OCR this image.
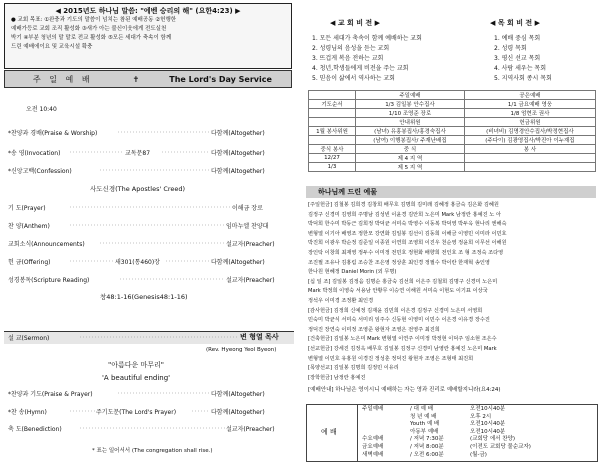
◀ 2015년도 하나님 말씀: "에벤 승리의 해" (요한4:23) ▶
● 교회 목표: ①완충과 기도의 말씀이 넘치는 참된 예배공동 ②헌행한
예배가등로 교회 조직 활성화 ③새가 아는 불신이웃에게 전도실천
박기 ④부분 청년의 말 말로 전교 활성화 ⑤모든 세대가 축속이 함께
드린 예배에이요 및 교육시설 확충
주 일 예 배	✝	The Lord's Day Service
오전 10:40
*찬양과 경배(Praise & Worship)	다함께(Altogether)
*송 영(Invocation)	교독문87	다함께(Altogether)
*신앙고백(Confession)	다함께(Altogether)
사도신경(The Apostles' Creed)
기 도(Prayer)	이해금 장로
찬 양(Anthem)	임마누엘 찬양대
교회소식(Announcements)	설교자(Preacher)
헌 금(Offering)	새301(통460)장	다함께(Altogether)
성경봉독(Scripture Reading)	설교자(Preacher)
창48:1-16(Genesis48:1-16)
설 교(Sermon)	변 형열 목사
(Rev. Hyeong Yeol Byeon)
"아름다운 마무리"
'A beautiful ending'
*찬양과 기도(Praise & Prayer)	다함께(Altogether)
*찬 송(Hymn)	주기도문(The Lord's Prayer)	다함께(Altogether)
축 도(Benediction)	설교자(Preacher)
* 표는 일어서서 (The congregation shall rise.)
◀ 교 회 비 전 ▶
1. 모든 세대가 축속이 함께 예배하는 교회
2. 성령님의 음성을 듣는 교회
3. 뜨겁게 복음 전하는 교회
4. 청년,학생들에게 비전을 주는 교회
5. 믿음이 삶에서 역사하는 교회
◀ 목 회 비 전 ▶
1. 예배 중심 목회
2. 성령 목회
3. 평신 선교 목회
4. 사람 세우는 목회
5. 지역사회 종시 목회
	주일예배	공은예배
기도순서	1/3 김일봉 안수집사	1/1 금요예배 영웅
	1/10 조영준 장로	1/8 엄현조 권사
	안내위원	헌금위원
1월 봉사위원	(남녀) 유홍봉집사/홍경숙집사	(비녀비) 김명경안수집사/박정현집사
	(남여) 이행봉집사/ 주재난배집	(주다이) 김광영집사/박진아 이누재집
중식 봉사	중 식	봉 사
12/27	제 4 지 역	
1/3	제 5 지 역	
하나님께 드린 예물
[주일헌금] 김철봉 김희경 김창희 배무호 김명희 김미래 김혜정 홍금숙 김은화 김혜원
김정구 신경미 김영희 주명남 김성빈 이윤경 김안희 노은미 Mark 남정란 홍예진 노 아
박덕희 한수미 박동근 김희정 박덕균 서미숙 박영수 이동복 박덕영 박두옥 현나리 엔해숙
변형열 이기아 배영조 정한모 강연화 김일봉 김선이 김동희 이해금 이영민 이미라 이민호
박진희 이광우 박순정 김준일 이종원 이연희 조영희 이진우 천순영 정윤희 이무선 이해원
장인탁 이창희 최재영 정두수 이미정 전민호 정현화 배향희 전인호 조 형 조정숙 조다영
조진필 조유나 김홍림 조승찬 조은영 정상훈 최인경 정필수 박이란 한재혁 송인영
한나원 현혜정 Daniel Morin (외 무명)
[십 일 조] 김일봉 김정음 김명순 홍금숙 김선희 이은주 김철희 김명구 신경미 노은미
Mark 박정희 이영숙 서용남 안황무 이승연 이해원 서미숙 이현도 이기표 이상국
정석우 이미경 조정환 최인경
[감사헌금] 김정희 신예정 김재윤 김민희 이은경 김정구 신경미 노은미 서영희
민숙미 박균식 서미숙 서미리 임주수 신동현 이영미 이민수 이은경 이유경 장수진
정덕진 장연숙 이미정 조영준 왕현자 조영은 전영주 최진희
[건축헌금] 김일봉 노은미 Mark 변형열 이연주 이미정 박정현 이덕주 임소현 조은수
[선교헌금] 강세진 김정옥 배무호 김일봉 김정구 신경미 남영란 홍예진 노은미 Mark
변형열 이민호 유홍원 이경진 정성훈 정덕진 왕현자 조영은 조형태 최진희
[목양선교] 김일봉 김명희 김정민 이유리
[장학헌금] 남정란 홍예진
[예배안내] 하나님은 영이시니 예배하는 자는 영과 진리로 예배할지니라(요4:24)
예 배
주일예배	/ 대 예 배	오전10시40분
청 년 예 배	오후 2시
Youth 예 배	오전10시40분
아동부 예배	오전10시40분
수요예배	/ 저녁 7:30분	(교회당 에서 찬양)
금요예배	/ 저녁 8:00분	(이전도 교회당 물순교자)
새벽예배	/ 오전 6:00분	(월-금)
